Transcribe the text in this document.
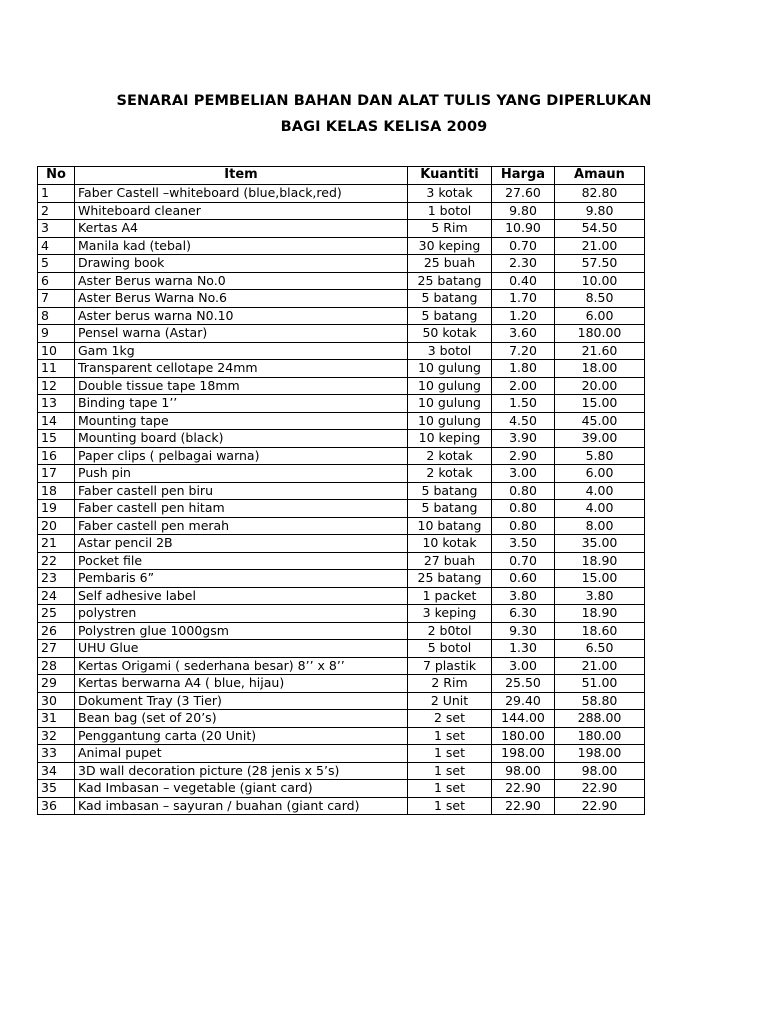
SENARAI PEMBELIAN BAHAN DAN ALAT TULIS YANG DIPERLUKAN
BAGI KELAS KELISA 2009
No	Item	Kuantiti	Harga	Amaun
1	Faber Castell –whiteboard (blue,black,red)	3 kotak	27.60	82.80
2	Whiteboard cleaner	1 botol	9.80	9.80
3	Kertas A4	5 Rim	10.90	54.50
4	Manila kad (tebal)	30 keping	0.70	21.00
5	Drawing book	25 buah	2.30	57.50
6	Aster Berus warna No.0	25 batang	0.40	10.00
7	Aster Berus Warna No.6	5 batang	1.70	8.50
8	Aster berus warna N0.10	5 batang	1.20	6.00
9	Pensel warna (Astar)	50 kotak	3.60	180.00
10	Gam 1kg	3 botol	7.20	21.60
11	Transparent cellotape 24mm	10 gulung	1.80	18.00
12	Double tissue tape 18mm	10 gulung	2.00	20.00
13	Binding tape 1’’	10 gulung	1.50	15.00
14	Mounting tape	10 gulung	4.50	45.00
15	Mounting board (black)	10 keping	3.90	39.00
16	Paper clips ( pelbagai warna)	2 kotak	2.90	5.80
17	Push pin	2 kotak	3.00	6.00
18	Faber castell pen biru	5 batang	0.80	4.00
19	Faber castell pen hitam	5 batang	0.80	4.00
20	Faber castell pen merah	10 batang	0.80	8.00
21	Astar pencil 2B	10 kotak	3.50	35.00
22	Pocket file	27 buah	0.70	18.90
23	Pembaris 6”	25 batang	0.60	15.00
24	Self adhesive label	1 packet	3.80	3.80
25	polystren	3 keping	6.30	18.90
26	Polystren glue 1000gsm	2 b0tol	9.30	18.60
27	UHU Glue	5 botol	1.30	6.50
28	Kertas Origami ( sederhana besar) 8’’ x 8’’	7 plastik	3.00	21.00
29	Kertas berwarna A4 ( blue, hijau)	2 Rim	25.50	51.00
30	Dokument Tray (3 Tier)	2 Unit	29.40	58.80
31	Bean bag (set of 20’s)	2 set	144.00	288.00
32	Penggantung carta (20 Unit)	1 set	180.00	180.00
33	Animal pupet	1 set	198.00	198.00
34	3D wall decoration picture (28 jenis x 5’s)	1 set	98.00	98.00
35	Kad Imbasan – vegetable (giant card)	1 set	22.90	22.90
36	Kad imbasan – sayuran / buahan (giant card)	1 set	22.90	22.90
